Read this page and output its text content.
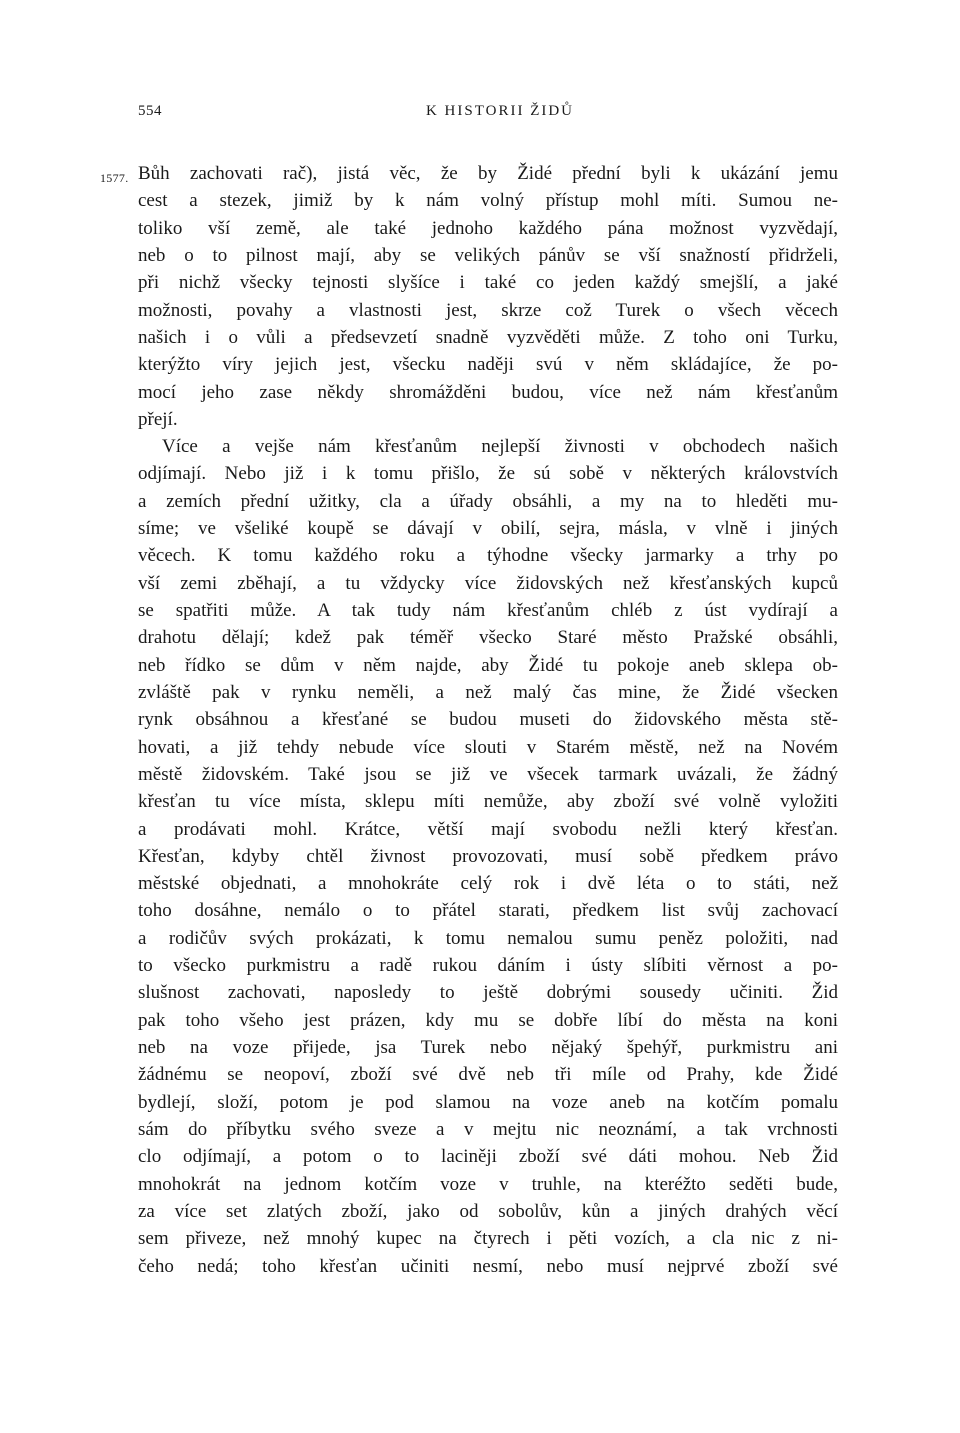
554	K HISTORII ŽIDŮ
1577. Bůh zachovati rač), jistá věc, že by Židé přední byli k ukázání jemu
cest a stezek, jimiž by k nám volný přístup mohl míti. Sumou ne-
toliko vší země, ale také jednoho každého pána možnost vyzvědají,
neb o to pilnost mají, aby se velikých pánův se vší snažností přidrželi,
při nichž všecky tejnosti slyšíce i také co jeden každý smejšlí, a jaké
možnosti, povahy a vlastnosti jest, skrze což Turek o všech věcech
našich i o vůli a předsevzetí snadně vyzvěděti může. Z toho oni Turku,
kterýžto víry jejich jest, všecku naději svú v něm skládajíce, že po-
mocí jeho zase někdy shromážděni budou, více než nám křesťanům
přejí.
Více a vejše nám křesťanům nejlepší živnosti v obchodech našich
odjímají. Nebo již i k tomu přišlo, že sú sobě v některých královstvích
a zemích přední užitky, cla a úřady obsáhli, a my na to hleděti mu-
síme; ve všeliké koupě se dávají v obilí, sejra, másla, v vlně i jiných
věcech. K tomu každého roku a týhodne všecky jarmarky a trhy po
vší zemi zběhají, a tu vždycky více židovských než křesťanských kupců
se spatřiti může. A tak tudy nám křesťanům chléb z úst vydírají a
drahotu dělají; kdež pak téměř všecko Staré město Pražské obsáhli,
neb řídko se dům v něm najde, aby Židé tu pokoje aneb sklepa ob-
zvláště pak v rynku neměli, a než malý čas mine, že Židé všecken
rynk obsáhnou a křesťané se budou museti do židovského města stě-
hovati, a již tehdy nebude více slouti v Starém městě, než na Novém
městě židovském. Také jsou se již ve všecek tarmark uvázali, že žádný
křesťan tu více místa, sklepu míti nemůže, aby zboží své volně vyložiti
a prodávati mohl. Krátce, větší mají svobodu nežli který křesťan.
Křesťan, kdyby chtěl živnost provozovati, musí sobě předkem právo
městské objednati, a mnohokráte celý rok i dvě léta o to státi, než
toho dosáhne, nemálo o to přátel starati, předkem list svůj zachovací
a rodičův svých prokázati, k tomu nemalou sumu peněz položiti, nad
to všecko purkmistru a radě rukou dáním i ústy slíbiti věrnost a po-
slušnost zachovati, naposledy to ještě dobrými sousedy učiniti. Žid
pak toho všeho jest prázen, kdy mu se dobře líbí do města na koni
neb na voze přijede, jsa Turek nebo nějaký špehýř, purkmistru ani
žádnému se neopoví, zboží své dvě neb tři míle od Prahy, kde Židé
bydlejí, složí, potom je pod slamou na voze aneb na kotčím pomalu
sám do příbytku svého sveze a v mejtu nic neoznámí, a tak vrchnosti
clo odjímají, a potom o to laciněji zboží své dáti mohou. Neb Žid
mnohokrát na jednom kotčím voze v truhle, na kteréžto seděti bude,
za více set zlatých zboží, jako od sobolův, kůn a jiných drahých věcí
sem přiveze, než mnohý kupec na čtyrech i pěti vozích, a cla nic z ni-
čeho nedá; toho křesťan učiniti nesmí, nebo musí nejprvé zboží své
